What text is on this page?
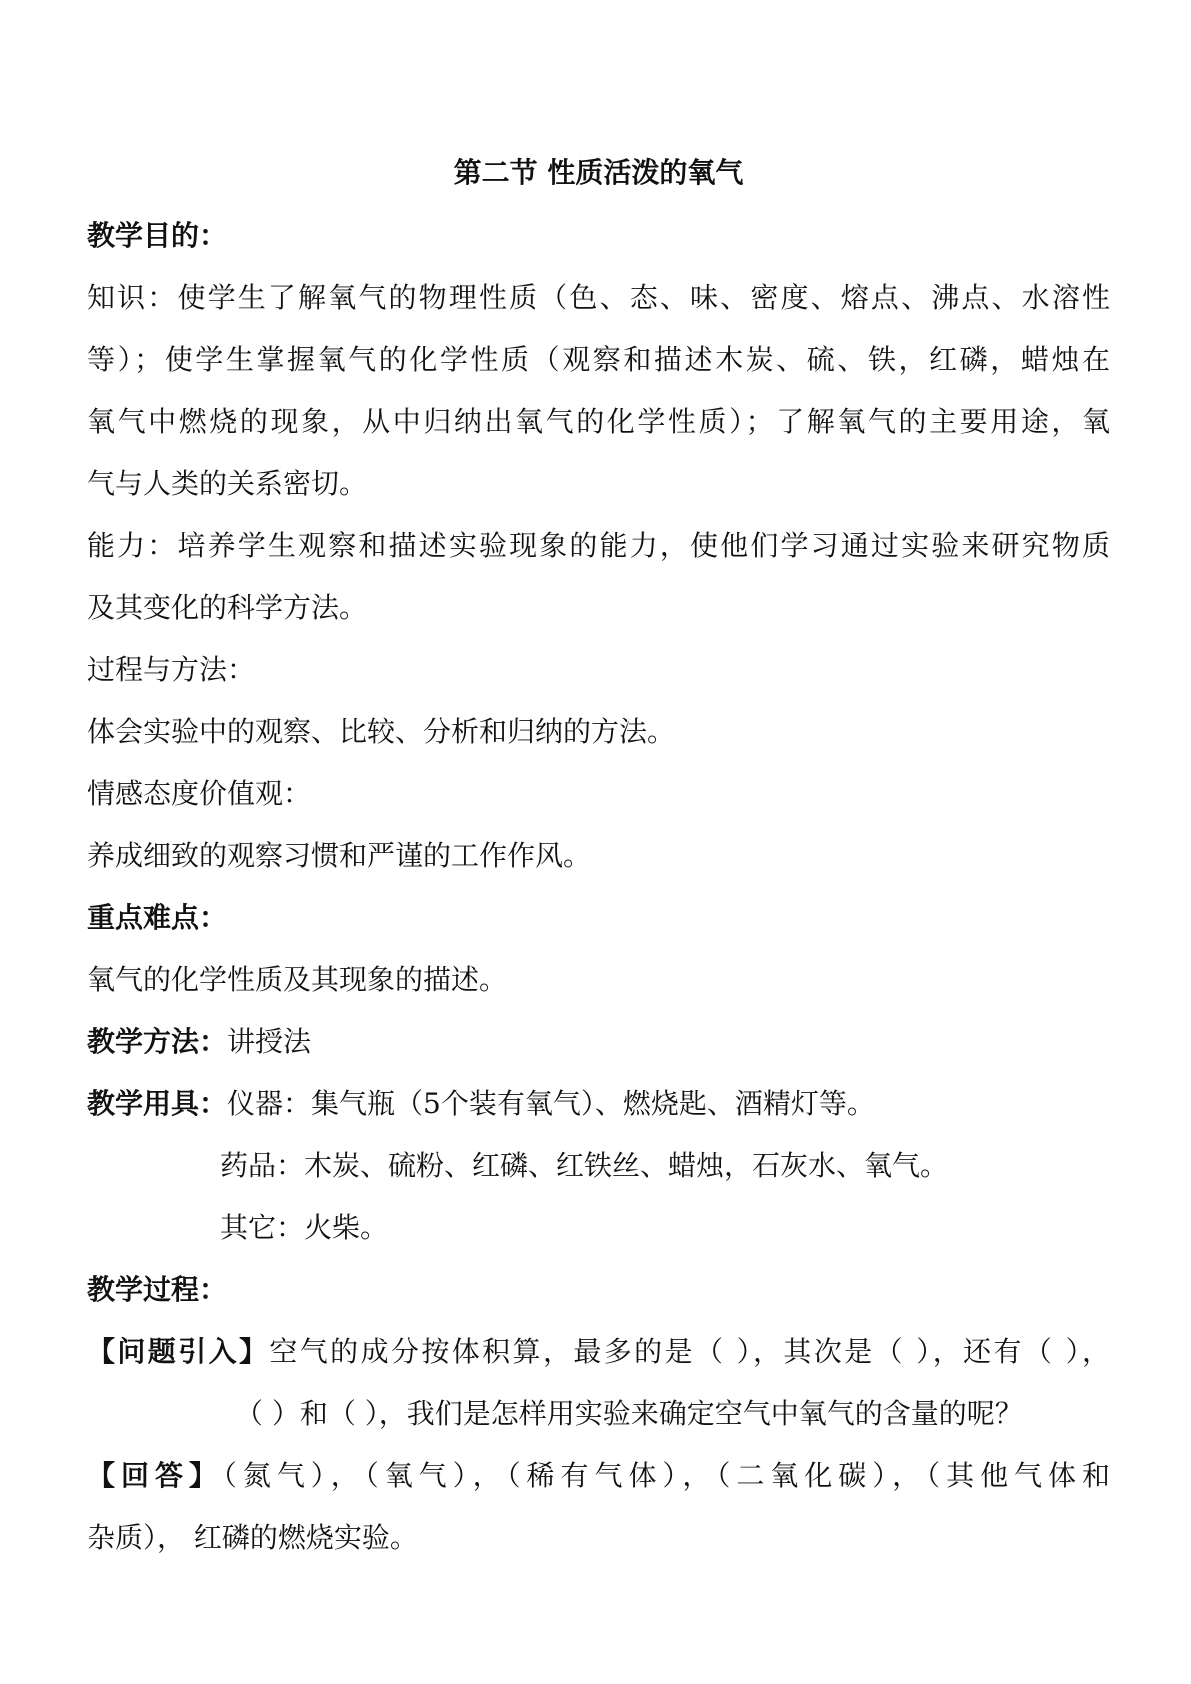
第二节 性质活泼的氧气
教学目的：
知识：使学生了解氧气的物理性质（色、态、味、密度、熔点、沸点、水溶性
等）；使学生掌握氧气的化学性质（观察和描述木炭、硫、铁，红磷，蜡烛在
氧气中燃烧的现象，从中归纳出氧气的化学性质）；了解氧气的主要用途，氧
气与人类的关系密切。
能力：培养学生观察和描述实验现象的能力，使他们学习通过实验来研究物质
及其变化的科学方法。
过程与方法：
体会实验中的观察、比较、分析和归纳的方法。
情感态度价值观：
养成细致的观察习惯和严谨的工作作风。
重点难点：
氧气的化学性质及其现象的描述。
教学方法：讲授法
教学用具：仪器：集气瓶（5个装有氧气）、燃烧匙、酒精灯等。
药品：木炭、硫粉、红磷、红铁丝、蜡烛，石灰水、氧气。
其它：火柴。
教学过程：
【问题引入】空气的成分按体积算，最多的是（ ），其次是（ ），还有（ ），
（ ）和（ ），我们是怎样用实验来确定空气中氧气的含量的呢？
【回答】（氮气），（氧气），（稀有气体），（二氧化碳），（其他气体和
杂质）， 红磷的燃烧实验。
